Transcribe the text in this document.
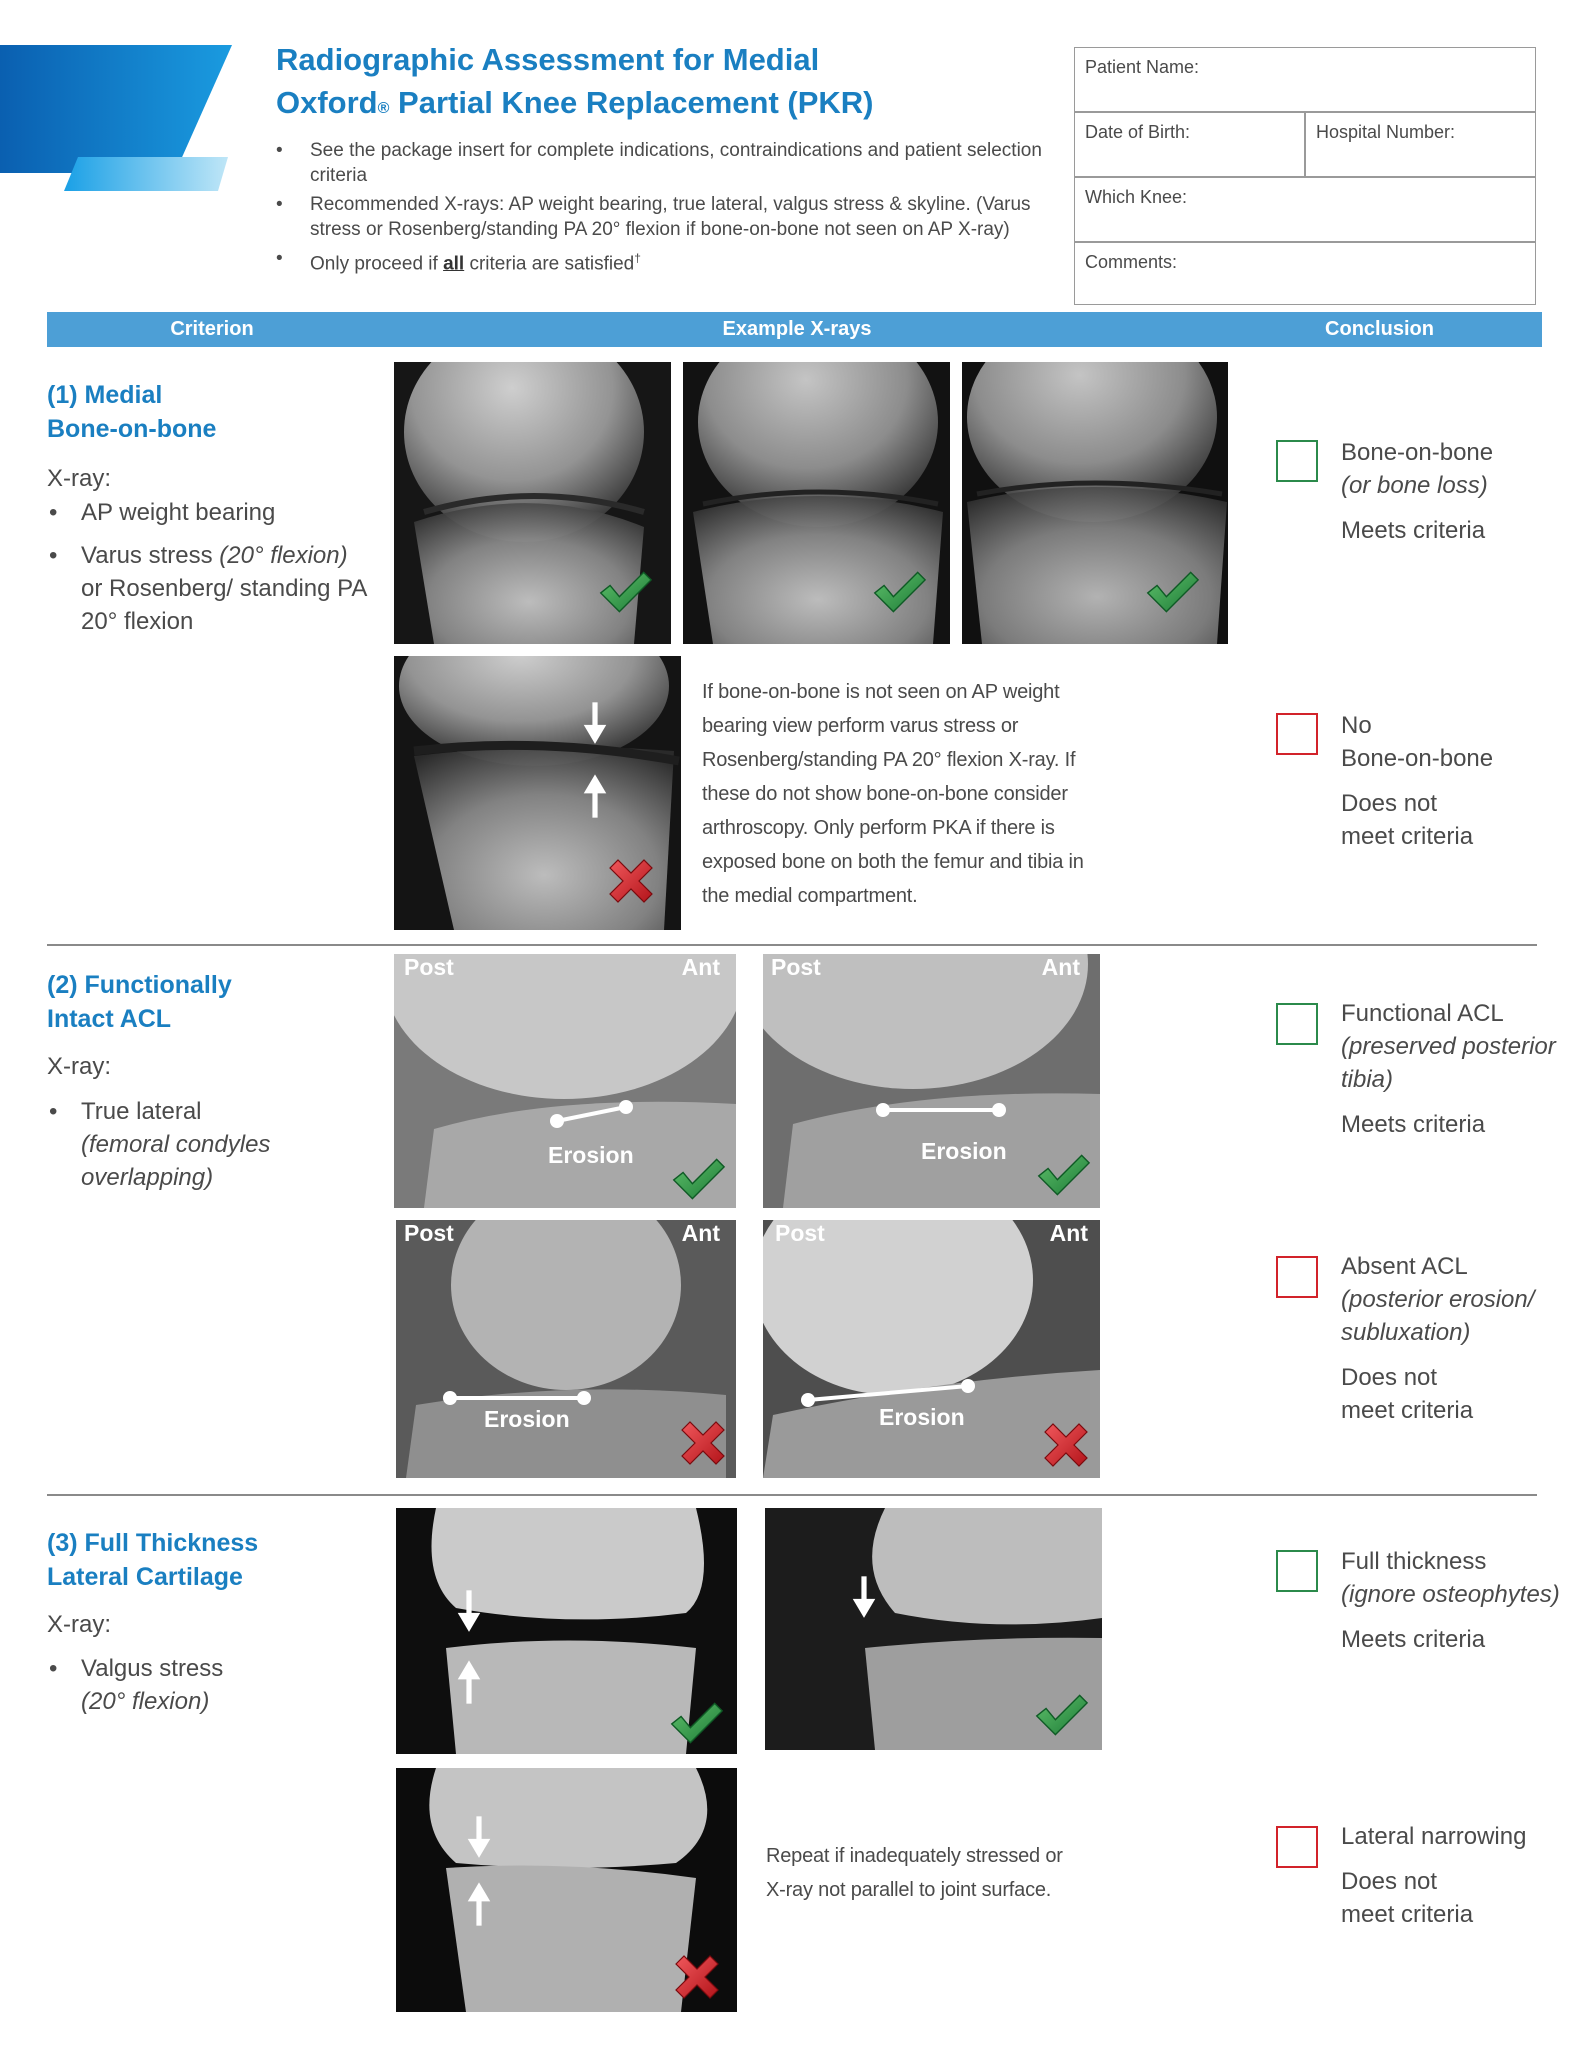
Radiographic Assessment for Medial
Oxford® Partial Knee Replacement (PKR)
• See the package insert for complete indications, contraindications and patient selection criteria
• Recommended X-rays: AP weight bearing, true lateral, valgus stress & skyline. (Varus stress or Rosenberg/standing PA 20° flexion if bone-on-bone not seen on AP X-ray)
• Only proceed if all criteria are satisfied†
Patient Name:
Date of Birth:	Hospital Number:
Which Knee:
Comments:
Criterion	Example X-rays	Conclusion
(1) Medial
Bone-on-bone
X-ray:
• AP weight bearing
• Varus stress (20° flexion) or Rosenberg/ standing PA 20° flexion
If bone-on-bone is not seen on AP weight bearing view perform varus stress or Rosenberg/standing PA 20° flexion X-ray. If these do not show bone-on-bone consider arthroscopy. Only perform PKA if there is exposed bone on both the femur and tibia in the medial compartment.
Bone-on-bone
(or bone loss)
Meets criteria
No
Bone-on-bone
Does not
meet criteria
(2) Functionally
Intact ACL
X-ray:
• True lateral
(femoral condyles overlapping)
Post	Ant
Erosion
Post	Ant
Erosion
Post	Ant
Erosion
Post	Ant
Erosion
Functional ACL
(preserved posterior tibia)
Meets criteria
Absent ACL
(posterior erosion/ subluxation)
Does not
meet criteria
(3) Full Thickness
Lateral Cartilage
X-ray:
• Valgus stress
(20° flexion)
Repeat if inadequately stressed or X-ray not parallel to joint surface.
Full thickness
(ignore osteophytes)
Meets criteria
Lateral narrowing
Does not
meet criteria
